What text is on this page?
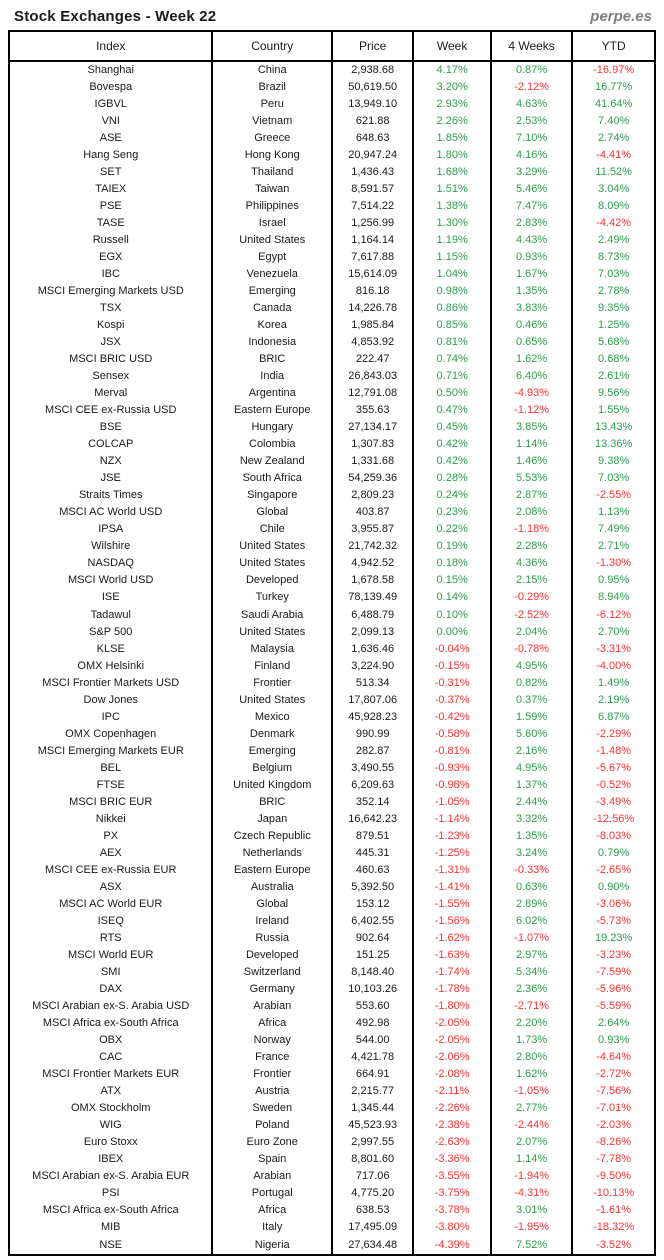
Stock Exchanges - Week 22	perpe.es
Index	Country	Price	Week	4 Weeks	YTD
Shanghai	China	2,938.68	4.17%	0.87%	-16.97%
Bovespa	Brazil	50,619.50	3.20%	-2.12%	16.77%
IGBVL	Peru	13,949.10	2.93%	4.63%	41.64%
VNI	Vietnam	621.88	2.26%	2.53%	7.40%
ASE	Greece	648.63	1.85%	7.10%	2.74%
Hang Seng	Hong Kong	20,947.24	1.80%	4.16%	-4.41%
SET	Thailand	1,436.43	1.68%	3.29%	11.52%
TAIEX	Taiwan	8,591.57	1.51%	5.46%	3.04%
PSE	Philippines	7,514.22	1.38%	7.47%	8.09%
TASE	Israel	1,256.99	1.30%	2.83%	-4.42%
Russell	United States	1,164.14	1.19%	4.43%	2.49%
EGX	Egypt	7,617.88	1.15%	0.93%	8.73%
IBC	Venezuela	15,614.09	1.04%	1.67%	7.03%
MSCI Emerging Markets USD	Emerging	816.18	0.98%	1.35%	2.78%
TSX	Canada	14,226.78	0.86%	3.83%	9.35%
Kospi	Korea	1,985.84	0.85%	0.46%	1.25%
JSX	Indonesia	4,853.92	0.81%	0.65%	5.68%
MSCI BRIC USD	BRIC	222.47	0.74%	1.62%	0.68%
Sensex	India	26,843.03	0.71%	6.40%	2.61%
Merval	Argentina	12,791.08	0.50%	-4.93%	9.56%
MSCI CEE ex-Russia USD	Eastern Europe	355.63	0.47%	-1.12%	1.55%
BSE	Hungary	27,134.17	0.45%	3.85%	13.43%
COLCAP	Colombia	1,307.83	0.42%	1.14%	13.36%
NZX	New Zealand	1,331.68	0.42%	1.46%	9.38%
JSE	South Africa	54,259.36	0.28%	5.53%	7.03%
Straits Times	Singapore	2,809.23	0.24%	2.87%	-2.55%
MSCI AC World USD	Global	403.87	0.23%	2.08%	1.13%
IPSA	Chile	3,955.87	0.22%	-1.18%	7.49%
Wilshire	United States	21,742.32	0.19%	2.28%	2.71%
NASDAQ	United States	4,942.52	0.18%	4.36%	-1.30%
MSCI World USD	Developed	1,678.58	0.15%	2.15%	0.95%
ISE	Turkey	78,139.49	0.14%	-0.29%	8.94%
Tadawul	Saudi Arabia	6,488.79	0.10%	-2.52%	-6.12%
S&P 500	United States	2,099.13	0.00%	2.04%	2.70%
KLSE	Malaysia	1,636.46	-0.04%	-0.78%	-3.31%
OMX Helsinki	Finland	3,224.90	-0.15%	4.95%	-4.00%
MSCI Frontier Markets USD	Frontier	513.34	-0.31%	0.82%	1.49%
Dow Jones	United States	17,807.06	-0.37%	0.37%	2.19%
IPC	Mexico	45,928.23	-0.42%	1.59%	6.87%
OMX Copenhagen	Denmark	990.99	-0.58%	5.60%	-2.29%
MSCI Emerging Markets EUR	Emerging	282.87	-0.81%	2.16%	-1.48%
BEL	Belgium	3,490.55	-0.93%	4.95%	-5.67%
FTSE	United Kingdom	6,209.63	-0.98%	1.37%	-0.52%
MSCI BRIC EUR	BRIC	352.14	-1.05%	2.44%	-3.49%
Nikkei	Japan	16,642.23	-1.14%	3.32%	-12.56%
PX	Czech Republic	879.51	-1.23%	1.35%	-8.03%
AEX	Netherlands	445.31	-1.25%	3.24%	0.79%
MSCI CEE ex-Russia EUR	Eastern Europe	460.63	-1.31%	-0.33%	-2.65%
ASX	Australia	5,392.50	-1.41%	0.63%	0.90%
MSCI AC World EUR	Global	153.12	-1.55%	2.89%	-3.06%
ISEQ	Ireland	6,402.55	-1.56%	6.02%	-5.73%
RTS	Russia	902.64	-1.62%	-1.07%	19.23%
MSCI World EUR	Developed	151.25	-1.63%	2.97%	-3.23%
SMI	Switzerland	8,148.40	-1.74%	5.34%	-7.59%
DAX	Germany	10,103.26	-1.78%	2.36%	-5.96%
MSCI Arabian ex-S. Arabia USD	Arabian	553.60	-1.80%	-2.71%	-5.59%
MSCI Africa ex-South Africa	Africa	492.98	-2.05%	2.20%	2.64%
OBX	Norway	544.00	-2.05%	1.73%	0.93%
CAC	France	4,421.78	-2.06%	2.80%	-4.64%
MSCI Frontier Markets EUR	Frontier	664.91	-2.08%	1.62%	-2.72%
ATX	Austria	2,215.77	-2.11%	-1.05%	-7.56%
OMX Stockholm	Sweden	1,345.44	-2.26%	2.77%	-7.01%
WIG	Poland	45,523.93	-2.38%	-2.44%	-2.03%
Euro Stoxx	Euro Zone	2,997.55	-2.63%	2.07%	-8.26%
IBEX	Spain	8,801.60	-3.36%	1.14%	-7.78%
MSCI Arabian ex-S. Arabia EUR	Arabian	717.06	-3.55%	-1.94%	-9.50%
PSI	Portugal	4,775.20	-3.75%	-4.31%	-10.13%
MSCI Africa ex-South Africa	Africa	638.53	-3.78%	3.01%	-1.61%
MIB	Italy	17,495.09	-3.80%	-1.95%	-18.32%
NSE	Nigeria	27,634.48	-4.39%	7.52%	-3.52%
